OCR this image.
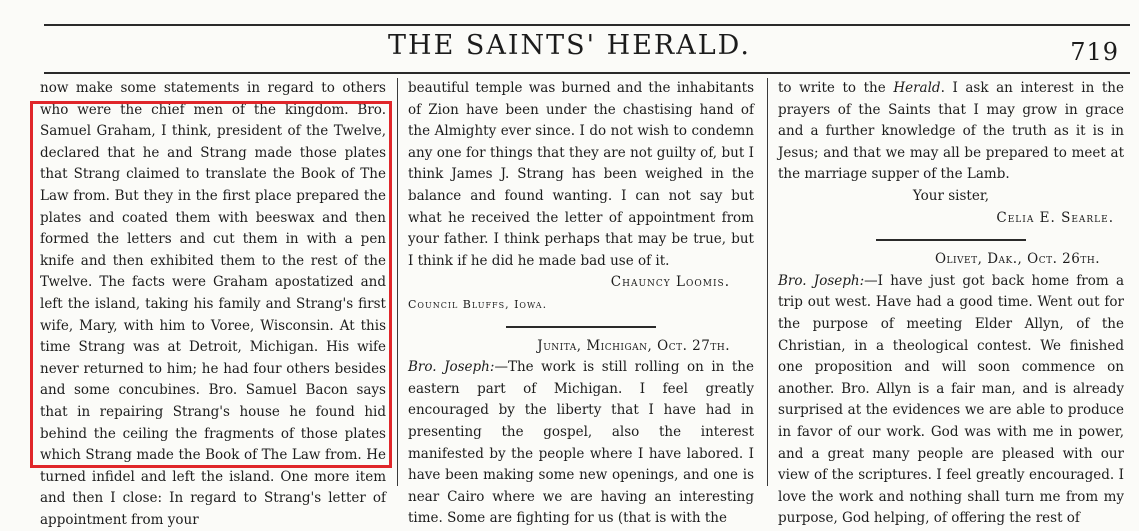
THE SAINTS' HERALD.	719

now make some statements in regard to others who were the chief men of the kingdom. Bro. Samuel Graham, I think, president of the Twelve, declared that he and Strang made those plates that Strang claimed to translate the Book of The Law from. But they in the first place prepared the plates and coated them with beeswax and then formed the letters and cut them in with a pen knife and then exhibited them to the rest of the Twelve. The facts were Graham apostatized and left the island, taking his family and Strang's first wife, Mary, with him to Voree, Wisconsin. At this time Strang was at Detroit, Michigan. His wife never returned to him; he had four others besides and some concubines. Bro. Samuel Bacon says that in repairing Strang's house he found hid behind the ceiling the fragments of those plates which Strang made the Book of The Law from. He turned infidel and left the island. One more item and then I close: In regard to Strang's letter of appointment from your

beautiful temple was burned and the inhabitants of Zion have been under the chastising hand of the Almighty ever since. I do not wish to condemn any one for things that they are not guilty of, but I think James J. Strang has been weighed in the balance and found wanting. I can not say but what he received the letter of appointment from your father. I think perhaps that may be true, but I think if he did he made bad use of it.

Chauncy Loomis.

Council Bluffs, Iowa.

Junita, Michigan, Oct. 27th.

Bro. Joseph:—The work is still rolling on in the eastern part of Michigan. I feel greatly encouraged by the liberty that I have had in presenting the gospel, also the interest manifested by the people where I have labored. I have been making some new openings, and one is near Cairo where we are having an interesting time. Some are fighting for us (that is with the

to write to the Herald. I ask an interest in the prayers of the Saints that I may grow in grace and a further knowledge of the truth as it is in Jesus; and that we may all be prepared to meet at the marriage supper of the Lamb.

Your sister,

Celia E. Searle.

Olivet, Dak., Oct. 26th.

Bro. Joseph:—I have just got back home from a trip out west. Have had a good time. Went out for the purpose of meeting Elder Allyn, of the Christian, in a theological contest. We finished one proposition and will soon commence on another. Bro. Allyn is a fair man, and is already surprised at the evidences we are able to produce in favor of our work. God was with me in power, and a great many people are pleased with our view of the scriptures. I feel greatly encouraged. I love the work and nothing shall turn me from my purpose, God helping, of offering the rest of
